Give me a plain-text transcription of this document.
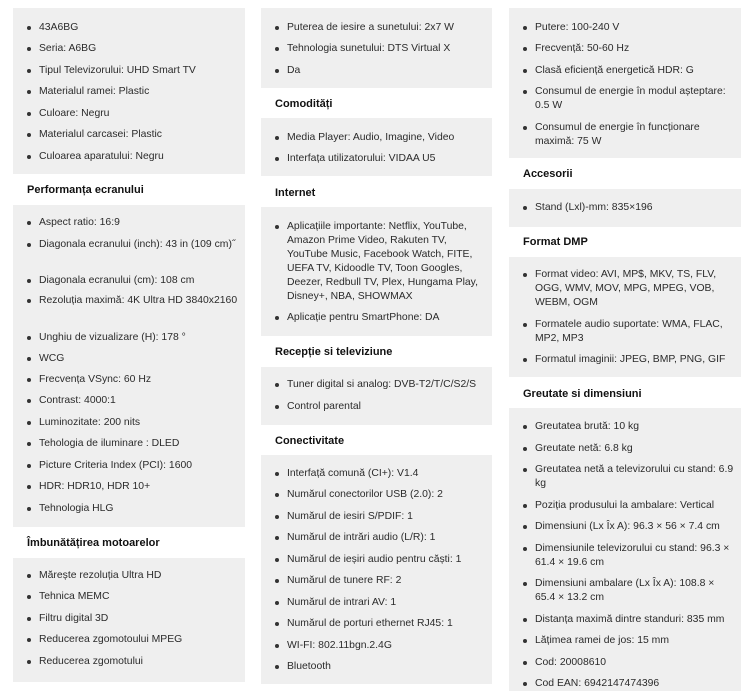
43A6BG
Seria: A6BG
Tipul Televizorului: UHD Smart TV
Materialul ramei: Plastic
Culoare: Negru
Materialul carcasei: Plastic
Culoarea aparatului: Negru
Performanța ecranului
Aspect ratio: 16:9
Diagonala ecranului (inch): 43 in (109 cm)˝
Diagonala ecranului (cm): 108 cm
Rezoluția maximă: 4K Ultra HD 3840x2160
Unghiu de vizualizare (H): 178 °
WCG
Frecvența VSync: 60 Hz
Contrast: 4000:1
Luminozitate: 200 nits
Tehologia de iluminare : DLED
Picture Criteria Index (PCI): 1600
HDR: HDR10, HDR 10+
Tehnologia HLG
Îmbunătățirea motoarelor
Mărește rezoluția Ultra HD
Tehnica MEMC
Filtru digital 3D
Reducerea zgomotoului MPEG
Reducerea zgomotului
Puterea de iesire a sunetului: 2x7 W
Tehnologia sunetului: DTS Virtual X
Da
Comodități
Media Player: Audio, Imagine, Video
Interfața utilizatorului: VIDAA U5
Internet
Aplicațiile importante: Netflix, YouTube, Amazon Prime Video, Rakuten TV, YouTube Music, Facebook Watch, FITE, UEFA TV, Kidoodle TV, Toon Googles, Deezer, Redbull TV, Plex, Hungama Play, Disney+, NBA, SHOWMAX
Aplicație pentru SmartPhone: DA
Recepție si televiziune
Tuner digital si analog: DVB-T2/T/C/S2/S
Control parental
Conectivitate
Interfață comună (CI+): V1.4
Numărul conectorilor USB (2.0): 2
Numărul de iesiri S/PDIF: 1
Numărul de intrări audio (L/R): 1
Numărul de ieșiri audio pentru căști: 1
Numărul de tunere RF: 2
Numărul de intrari AV: 1
Numărul de porturi ethernet RJ45: 1
WI-FI: 802.11bgn.2.4G
Bluetooth
Putere: 100-240 V
Frecvență: 50-60 Hz
Clasă eficiență energetică HDR: G
Consumul de energie în modul așteptare: 0.5 W
Consumul de energie în funcționare maximă: 75 W
Accesorii
Stand (Lxl)-mm: 835×196
Format DMP
Format video: AVI, MP$, MKV, TS, FLV, OGG, WMV, MOV, MPG, MPEG, VOB, WEBM, OGM
Formatele audio suportate: WMA, FLAC, MP2, MP3
Formatul imaginii: JPEG, BMP, PNG, GIF
Greutate si dimensiuni
Greutatea brută: 10 kg
Greutate netă: 6.8 kg
Greutatea netă a televizorului cu stand: 6.9 kg
Poziția produsului la ambalare: Vertical
Dimensiuni (Lx Îx A): 96.3 × 56 × 7.4 cm
Dimensiunile televizorului cu stand: 96.3 × 61.4 × 19.6 cm
Dimensiuni ambalare (Lx Îx A): 108.8 × 65.4 × 13.2 cm
Distanța maximă dintre standuri: 835 mm
Lățimea ramei de jos: 15 mm
Cod: 20008610
Cod EAN: 6942147474396
